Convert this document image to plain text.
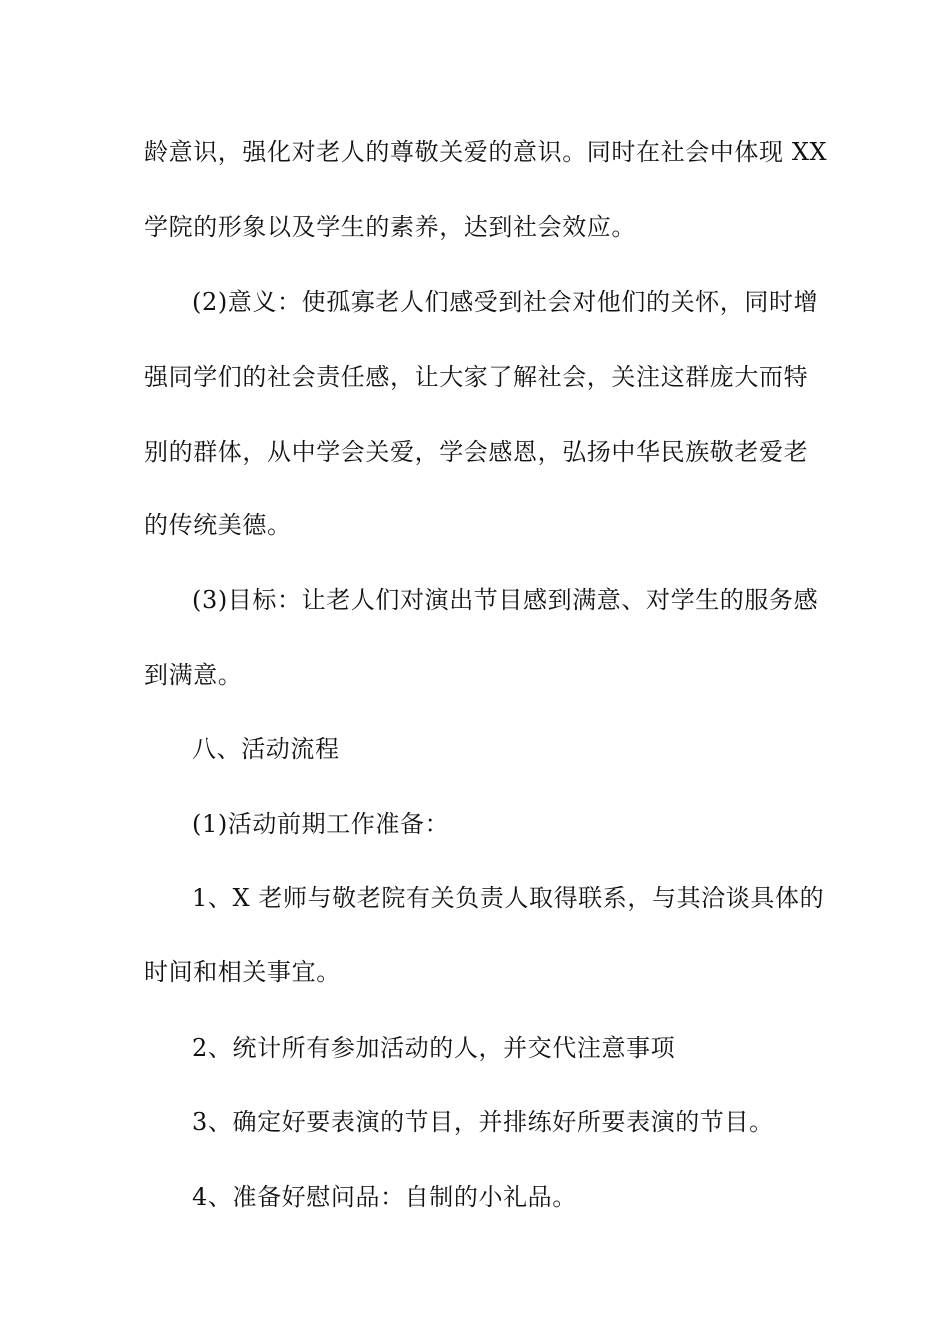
龄意识，强化对老人的尊敬关爱的意识。同时在社会中体现 XX
学院的形象以及学生的素养，达到社会效应。
(2)意义：使孤寡老人们感受到社会对他们的关怀，同时增
强同学们的社会责任感，让大家了解社会，关注这群庞大而特
别的群体，从中学会关爱，学会感恩，弘扬中华民族敬老爱老
的传统美德。
(3)目标：让老人们对演出节目感到满意、对学生的服务感
到满意。
八、活动流程
(1)活动前期工作准备：
1、X 老师与敬老院有关负责人取得联系，与其洽谈具体的
时间和相关事宜。
2、统计所有参加活动的人，并交代注意事项
3、确定好要表演的节目，并排练好所要表演的节目。
4、准备好慰问品：自制的小礼品。
